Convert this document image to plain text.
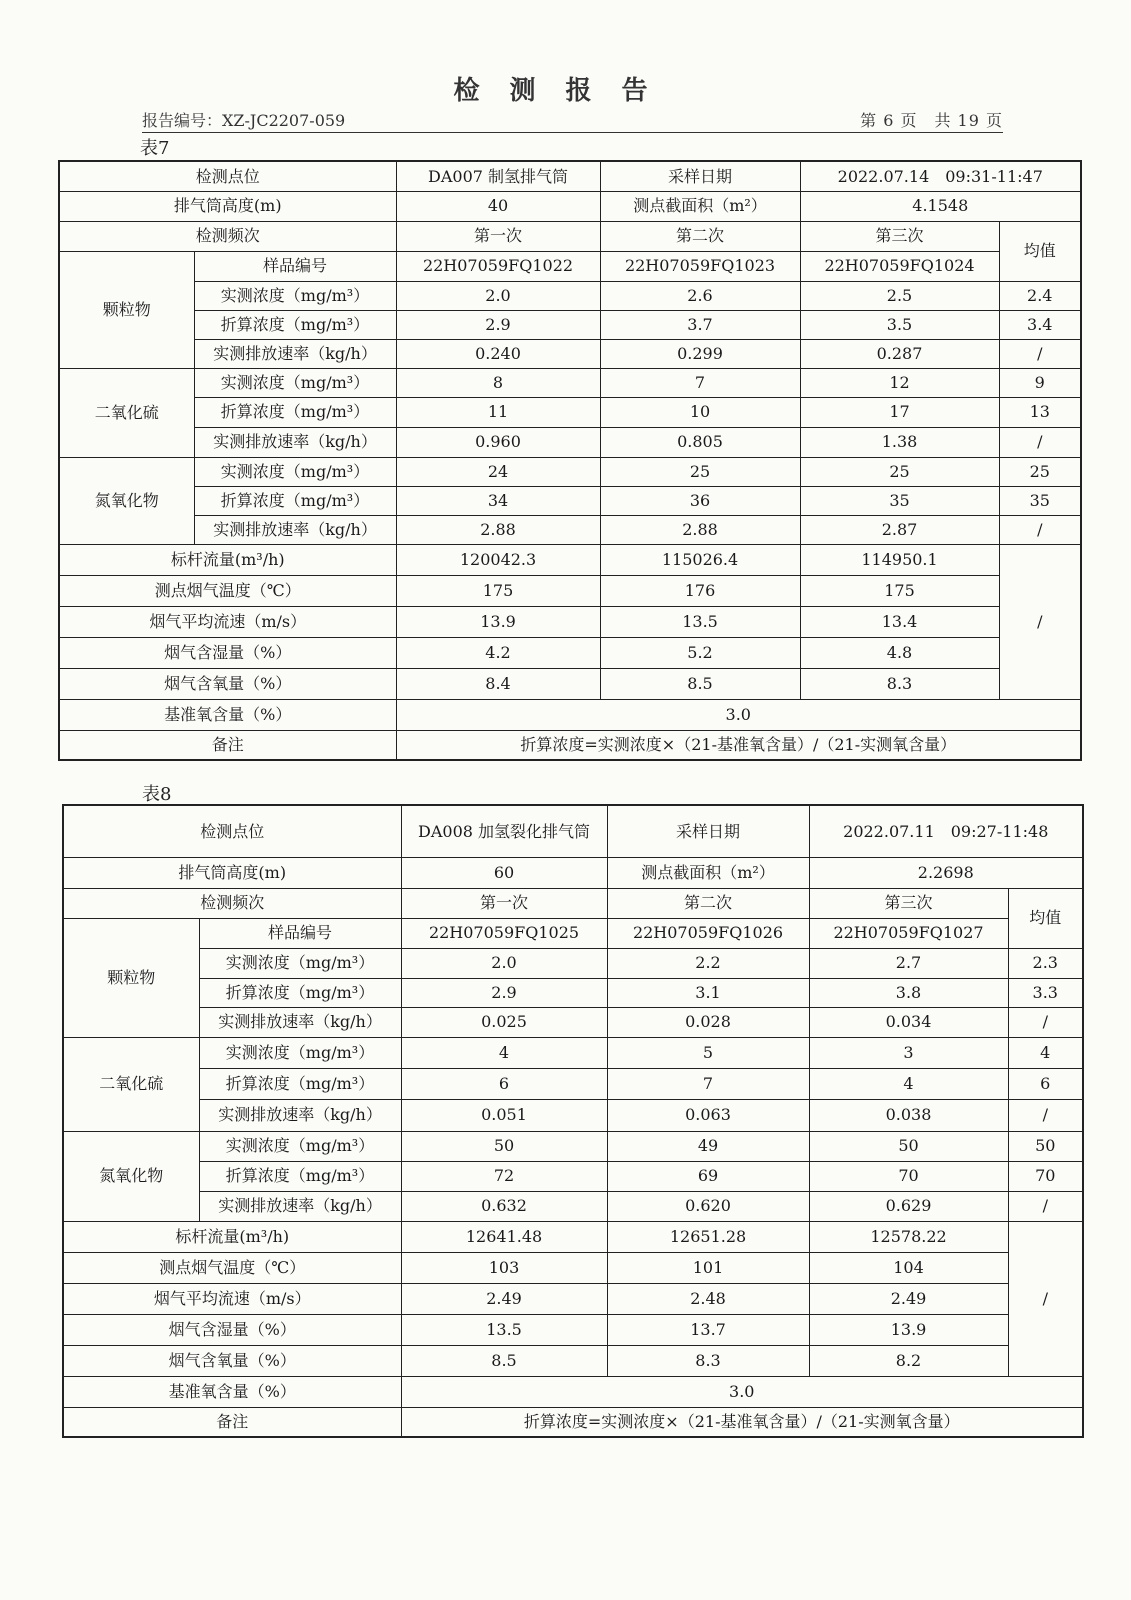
检测报告
报告编号：XZ-JC2207-059	第 6 页　共 19 页
表7
检测点位		DA007 制氢排气筒	采样日期	2022.07.14　09:31-11:47	
排气筒高度(m)		40	测点截面积（m²）	4.1548	
检测频次		第一次	第二次	第三次	均值
颗粒物	样品编号	22H07059FQ1022	22H07059FQ1023	22H07059FQ1024	
	实测浓度（mg/m³）	2.0	2.6	2.5	2.4
	折算浓度（mg/m³）	2.9	3.7	3.5	3.4
	实测排放速率（kg/h）	0.240	0.299	0.287	/
二氧化硫	实测浓度（mg/m³）	8	7	12	9
	折算浓度（mg/m³）	11	10	17	13
	实测排放速率（kg/h）	0.960	0.805	1.38	/
氮氧化物	实测浓度（mg/m³）	24	25	25	25
	折算浓度（mg/m³）	34	36	35	35
	实测排放速率（kg/h）	2.88	2.88	2.87	/
标杆流量(m³/h)		120042.3	115026.4	114950.1	/
测点烟气温度（℃）		175	176	175	
烟气平均流速（m/s）		13.9	13.5	13.4	
烟气含湿量（%）		4.2	5.2	4.8	
烟气含氧量（%）		8.4	8.5	8.3	
基准氧含量（%）		3.0			
备注		折算浓度=实测浓度×（21-基准氧含量）/（21-实测氧含量）			
表8
检测点位		DA008 加氢裂化排气筒	采样日期	2022.07.11　09:27-11:48	
排气筒高度(m)		60	测点截面积（m²）	2.2698	
检测频次		第一次	第二次	第三次	均值
颗粒物	样品编号	22H07059FQ1025	22H07059FQ1026	22H07059FQ1027	
	实测浓度（mg/m³）	2.0	2.2	2.7	2.3
	折算浓度（mg/m³）	2.9	3.1	3.8	3.3
	实测排放速率（kg/h）	0.025	0.028	0.034	/
二氧化硫	实测浓度（mg/m³）	4	5	3	4
	折算浓度（mg/m³）	6	7	4	6
	实测排放速率（kg/h）	0.051	0.063	0.038	/
氮氧化物	实测浓度（mg/m³）	50	49	50	50
	折算浓度（mg/m³）	72	69	70	70
	实测排放速率（kg/h）	0.632	0.620	0.629	/
标杆流量(m³/h)		12641.48	12651.28	12578.22	/
测点烟气温度（℃）		103	101	104	
烟气平均流速（m/s）		2.49	2.48	2.49	
烟气含湿量（%）		13.5	13.7	13.9	
烟气含氧量（%）		8.5	8.3	8.2	
基准氧含量（%）		3.0			
备注		折算浓度=实测浓度×（21-基准氧含量）/（21-实测氧含量）			
